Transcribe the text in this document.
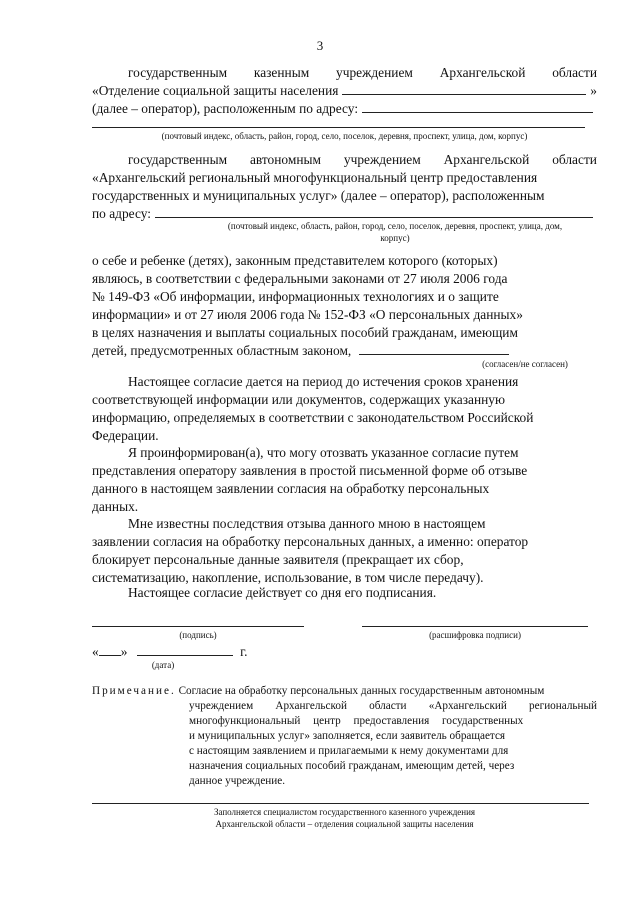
3
государственным казенным учреждением Архангельской области
«Отделение социальной защиты населения	»
(далее – оператор), расположенным по адресу:
(почтовый индекс, область, район, город, село, поселок, деревня, проспект, улица, дом, корпус)
государственным автономным учреждением Архангельской области
«Архангельский региональный многофункциональный центр предоставления
государственных и муниципальных услуг» (далее – оператор), расположенным
по адресу:
(почтовый индекс, область, район, город, село, поселок, деревня, проспект, улица, дом,
корпус)
о себе и ребенке (детях), законным представителем которого (которых)
являюсь, в соответствии с федеральными законами от 27 июля 2006 года
№ 149-ФЗ «Об информации, информационных технологиях и о защите
информации» и от 27 июля 2006 года № 152-ФЗ «О персональных данных»
в целях назначения и выплаты социальных пособий гражданам, имеющим
детей, предусмотренных областным законом,
(согласен/не согласен)
Настоящее согласие дается на период до истечения сроков хранения
соответствующей информации или документов, содержащих указанную
информацию, определяемых в соответствии с законодательством Российской
Федерации.
Я проинформирован(а), что могу отозвать указанное согласие путем
представления оператору заявления в простой письменной форме об отзыве
данного в настоящем заявлении согласия на обработку персональных
данных.
Мне известны последствия отзыва данного мною в настоящем
заявлении согласия на обработку персональных данных, а именно: оператор
блокирует персональные данные заявителя (прекращает их сбор,
систематизацию, накопление, использование, в том числе передачу).
Настоящее согласие действует со дня его подписания.
(подпись)	(расшифровка подписи)
« »	г.
(дата)
Примечание. Согласие на обработку персональных данных государственным автономным
учреждением Архангельской области «Архангельский региональный
многофункциональный центр предоставления государственных
и муниципальных услуг» заполняется, если заявитель обращается
с настоящим заявлением и прилагаемыми к нему документами для
назначения социальных пособий гражданам, имеющим детей, через
данное учреждение.
Заполняется специалистом государственного казенного учреждения
Архангельской области – отделения социальной защиты населения
